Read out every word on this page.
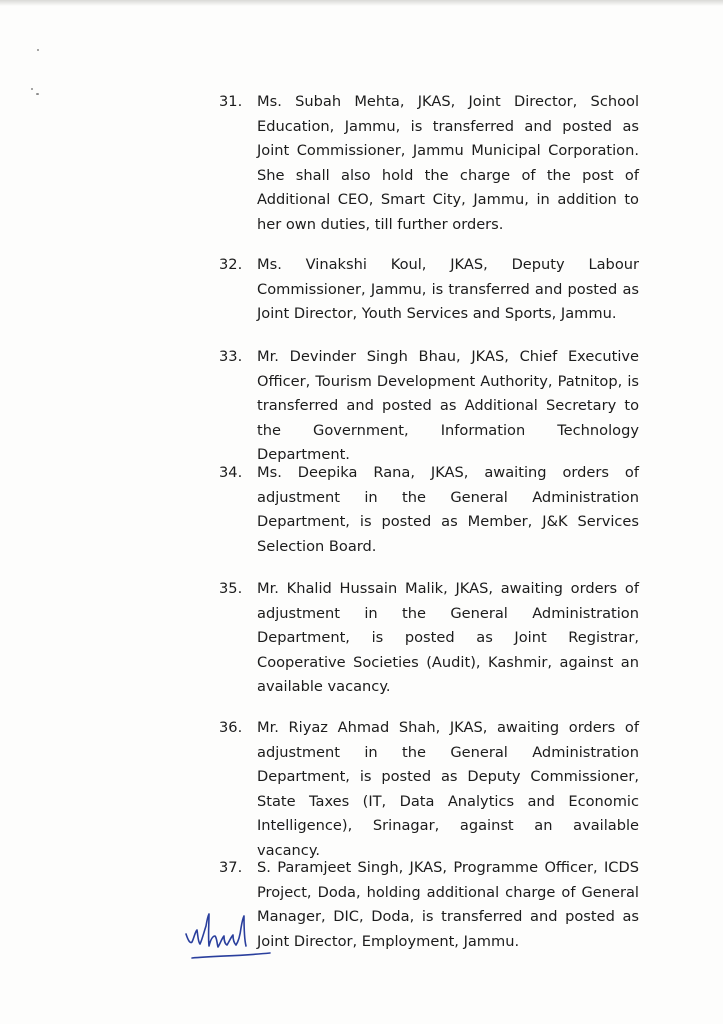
31. Ms. Subah Mehta, JKAS, Joint Director, School Education, Jammu, is transferred and posted as Joint Commissioner, Jammu Municipal Corporation. She shall also hold the charge of the post of Additional CEO, Smart City, Jammu, in addition to her own duties, till further orders.
32. Ms. Vinakshi Koul, JKAS, Deputy Labour Commissioner, Jammu, is transferred and posted as Joint Director, Youth Services and Sports, Jammu.
33. Mr. Devinder Singh Bhau, JKAS, Chief Executive Officer, Tourism Development Authority, Patnitop, is transferred and posted as Additional Secretary to the Government, Information Technology Department.
34. Ms. Deepika Rana, JKAS, awaiting orders of adjustment in the General Administration Department, is posted as Member, J&K Services Selection Board.
35. Mr. Khalid Hussain Malik, JKAS, awaiting orders of adjustment in the General Administration Department, is posted as Joint Registrar, Cooperative Societies (Audit), Kashmir, against an available vacancy.
36. Mr. Riyaz Ahmad Shah, JKAS, awaiting orders of adjustment in the General Administration Department, is posted as Deputy Commissioner, State Taxes (IT, Data Analytics and Economic Intelligence), Srinagar, against an available vacancy.
37. S. Paramjeet Singh, JKAS, Programme Officer, ICDS Project, Doda, holding additional charge of General Manager, DIC, Doda, is transferred and posted as Joint Director, Employment, Jammu.
